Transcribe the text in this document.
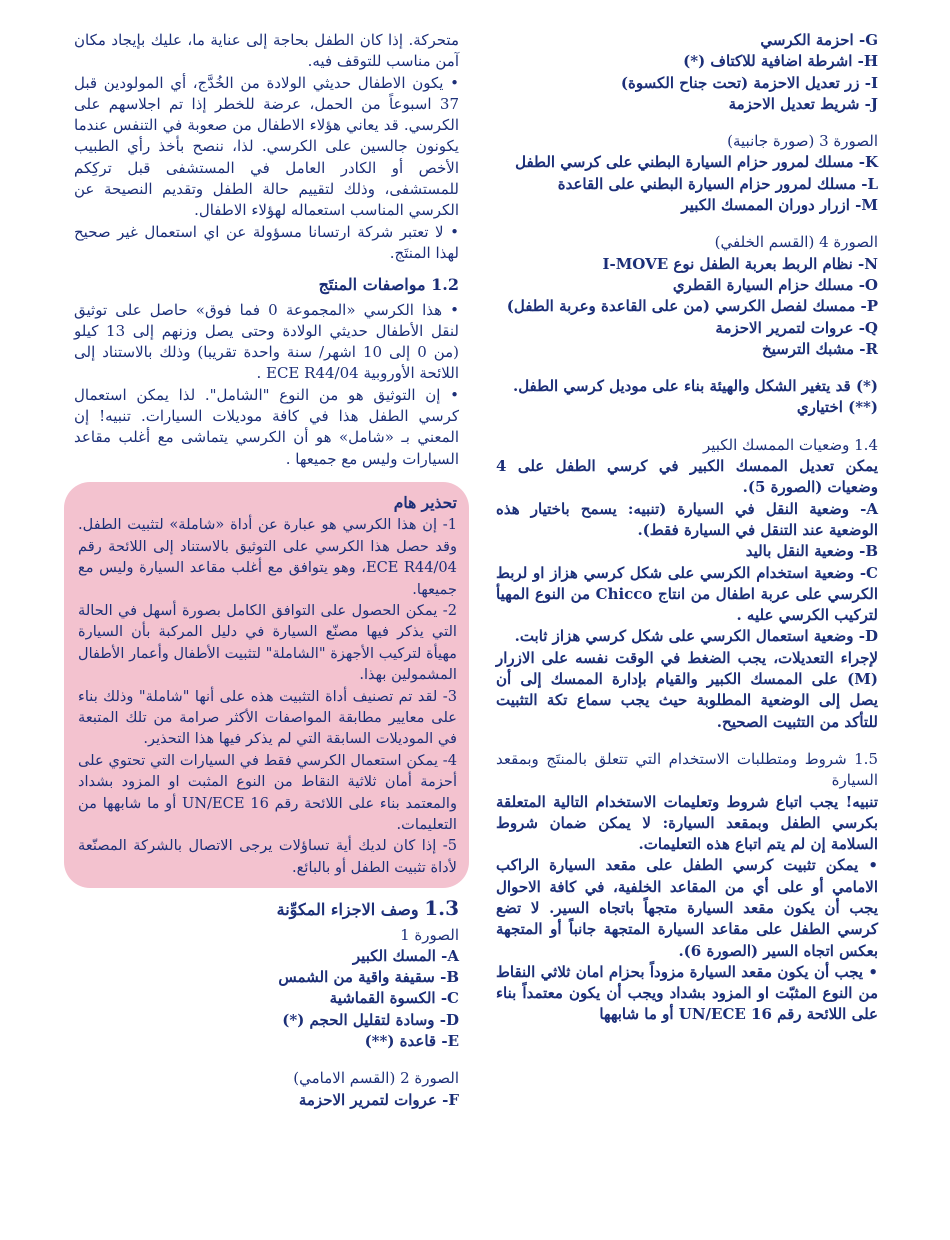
متحركة. إذا كان الطفل بحاجة إلى عناية ما، عليك بإيجاد مكان آمن مناسب للتوقف فيه.

• يكون الاطفال حديثي الولادة من الخُدَّج، أي المولودين قبل 37 اسبوعاً من الحمل، عرضة للخطر إذا تم اجلاسهم على الكرسي. قد يعاني هؤلاء الاطفال من صعوبة في التنفس عندما يكونون جالسين على الكرسي. لذا، ننصح بأخذ رأي الطبيب الأخص أو الكادر العامل في المستشفى قبل تركِكم للمستشفى، وذلك لتقييم حالة الطفل وتقديم النصيحة عن الكرسي المناسب استعماله لهؤلاء الاطفال.

• لا تعتبر شركة ارتسانا مسؤولة عن اي استعمال غير صحيح لهذا المنتَج.

1.2 مواصفات المنتَج

• هذا الكرسي «المجموعة 0 فما فوق» حاصل على توثيق لنقل الأطفال حديثي الولادة وحتى يصل وزنهم إلى 13 كيلو (من 0 إلى 10 اشهر/ سنة واحدة تقريبا) وذلك بالاستناد إلى اللائحة الأوروبية ECE R44/04 .

• إن التوثيق هو من النوع "الشامل". لذا يمكن استعمال كرسي الطفل هذا في كافة موديلات السيارات. تنبيه! إن المعني بـ «شامل» هو أن الكرسي يتماشى مع أغلب مقاعد السيارات وليس مع جميعها .

تحذير هام

1- إن هذا الكرسي هو عبارة عن أداة «شاملة» لتثبيت الطفل. وقد حصل هذا الكرسي على التوثيق بالاستناد إلى اللائحة رقم ECE R44/04، وهو يتوافق مع أغلب مقاعد السيارة وليس مع جميعها.

2- يمكن الحصول على التوافق الكامل بصورة أسهل في الحالة التي يذكر فيها مصنّع السيارة في دليل المركبة بأن السيارة مهيأة لتركيب الأجهزة "الشاملة" لتثبيت الأطفال وأعمار الأطفال المشمولين بهذا.

3- لقد تم تصنيف أداة التثبيت هذه على أنها "شاملة" وذلك بناء على معايير مطابقة المواصفات الأكثر صرامة من تلك المتبعة في الموديلات السابقة التي لم يذكر فيها هذا التحذير.

4- يمكن استعمال الكرسي فقط في السيارات التي تحتوي على أحزمة أمان ثلاثية النقاط من النوع المثبت او المزود بشداد والمعتمد بناء على اللائحة رقم UN/ECE 16 أو ما شابهها من التعليمات.

5- إذا كان لديك أية تساؤلات يرجى الاتصال بالشركة المصنّعة لأداة تثبيت الطفل أو بالبائع.

1.3 وصف الاجزاء المكوِّنة

الصورة 1

A- المسك الكبير

B- سقيفة واقية من الشمس

C- الكسوة القماشية

D- وسادة لتقليل الحجم (*)

E- قاعدة (**)

الصورة 2 (القسم الامامي)

F- عروات لتمرير الاحزمة

G- احزمة الكرسي

H- اشرطة اضافية للاكتاف (*)

I- زر تعديل الاحزمة (تحت جناح الكسوة)

J- شريط تعديل الاحزمة

الصورة 3 (صورة جانبية)

K- مسلك لمرور حزام السيارة البطني على كرسي الطفل

L- مسلك لمرور حزام السيارة البطني على القاعدة

M- ازرار دوران الممسك الكبير

الصورة 4 (القسم الخلفي)

N- نظام الربط بعربة الطفل نوع I-MOVE

O- مسلك حزام السيارة القطري

P- ممسك لفصل الكرسي (من على القاعدة وعربة الطفل)

Q- عروات لتمرير الاحزمة

R- مشبك الترسيخ

(*) قد يتغير الشكل والهيئة بناء على موديل كرسي الطفل.

(**) اختياري

1.4 وضعيات الممسك الكبير

يمكن تعديل الممسك الكبير في كرسي الطفل على 4 وضعيات (الصورة 5).

A- وضعية النقل في السيارة (تنبيه: يسمح باختيار هذه الوضعية عند التنقل في السيارة فقط).

B- وضعية النقل باليد

C- وضعية استخدام الكرسي على شكل كرسي هزاز او لربط الكرسي على عربة اطفال من انتاج Chicco من النوع المهيأ لتركيب الكرسي عليه .

D- وضعية استعمال الكرسي على شكل كرسي هزاز ثابت.

لإجراء التعديلات، يجب الضغط في الوقت نفسه على الازرار (M) على الممسك الكبير والقيام بإدارة الممسك إلى أن يصل إلى الوضعية المطلوبة حيث يجب سماع تكة التثبيت للتأكد من التثبيت الصحيح.

1.5 شروط ومتطلبات الاستخدام التي تتعلق بالمنتَج وبمقعد السيارة

تنبيه! يجب اتباع شروط وتعليمات الاستخدام التالية المتعلقة بكرسي الطفل وبمقعد السيارة: لا يمكن ضمان شروط السلامة إن لم يتم اتباع هذه التعليمات.

• يمكن تثبيت كرسي الطفل على مقعد السيارة الراكب الامامي أو على أي من المقاعد الخلفية، في كافة الاحوال يجب أن يكون مقعد السيارة متجهاً باتجاه السير. لا تضع كرسي الطفل على مقاعد السيارة المتجهة جانباً أو المتجهة بعكس اتجاه السير (الصورة 6).

• يجب أن يكون مقعد السيارة مزوداً بحزام امان ثلاثي النقاط من النوع المثبّت او المزود بشداد ويجب أن يكون معتمداً بناء على اللائحة رقم UN/ECE 16 أو ما شابهها
